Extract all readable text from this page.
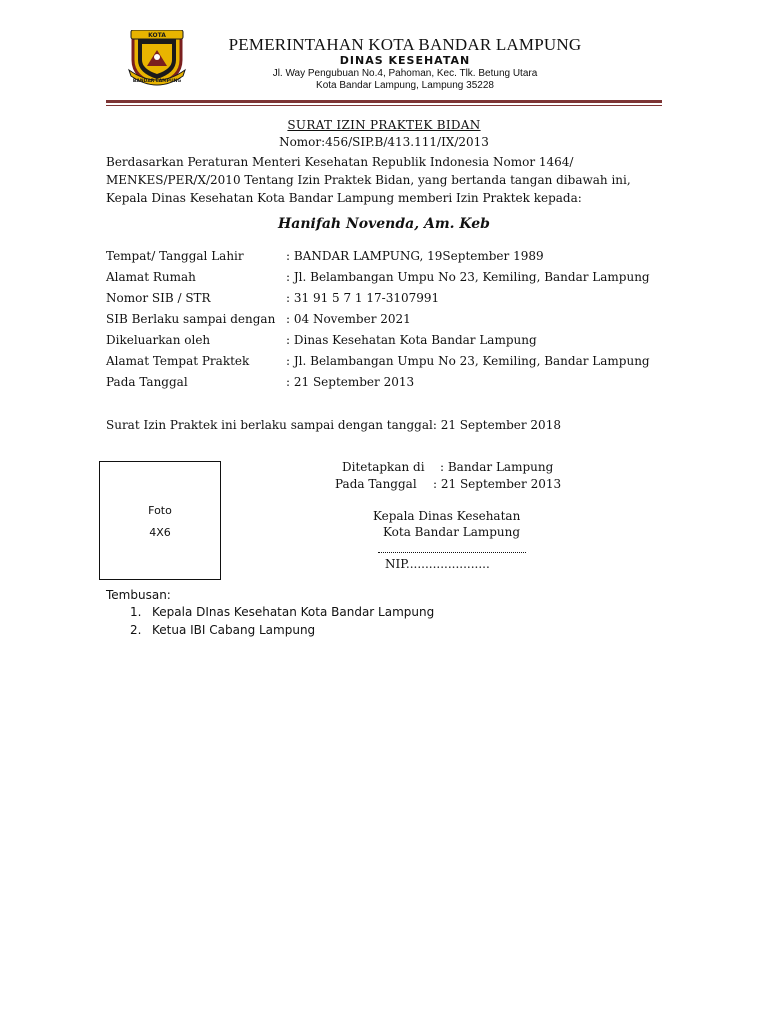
KOTA
BANDAR LAMPUNG
PEMERINTAHAN KOTA BANDAR LAMPUNG
DINAS KESEHATAN
Jl. Way Pengubuan No.4, Pahoman, Kec. Tlk. Betung Utara
Kota Bandar Lampung, Lampung 35228
SURAT IZIN PRAKTEK BIDAN
Nomor:456/SIP.B/413.111/IX/2013
Berdasarkan Peraturan Menteri Kesehatan Republik Indonesia Nomor 1464/
MENKES/PER/X/2010 Tentang Izin Praktek Bidan, yang bertanda tangan dibawah ini,
Kepala Dinas Kesehatan Kota Bandar Lampung memberi Izin Praktek kepada:
Hanifah Novenda, Am. Keb
Tempat/ Tanggal Lahir	: BANDAR LAMPUNG, 19September 1989
Alamat Rumah	: Jl. Belambangan Umpu No 23, Kemiling, Bandar Lampung
Nomor SIB / STR	: 31 91 5 7 1 17-3107991
SIB Berlaku sampai dengan : 04 November 2021
Dikeluarkan oleh	: Dinas Kesehatan Kota Bandar Lampung
Alamat Tempat Praktek	: Jl. Belambangan Umpu No 23, Kemiling, Bandar Lampung
Pada Tanggal	: 21 September 2013
Surat Izin Praktek ini berlaku sampai dengan tanggal: 21 September 2018
Foto
4X6
Ditetapkan di : Bandar Lampung
Pada Tanggal : 21 September 2013
Kepala Dinas Kesehatan
Kota Bandar Lampung
NIP......................
Tembusan:
1. Kepala DInas Kesehatan Kota Bandar Lampung
2. Ketua IBI Cabang Lampung
